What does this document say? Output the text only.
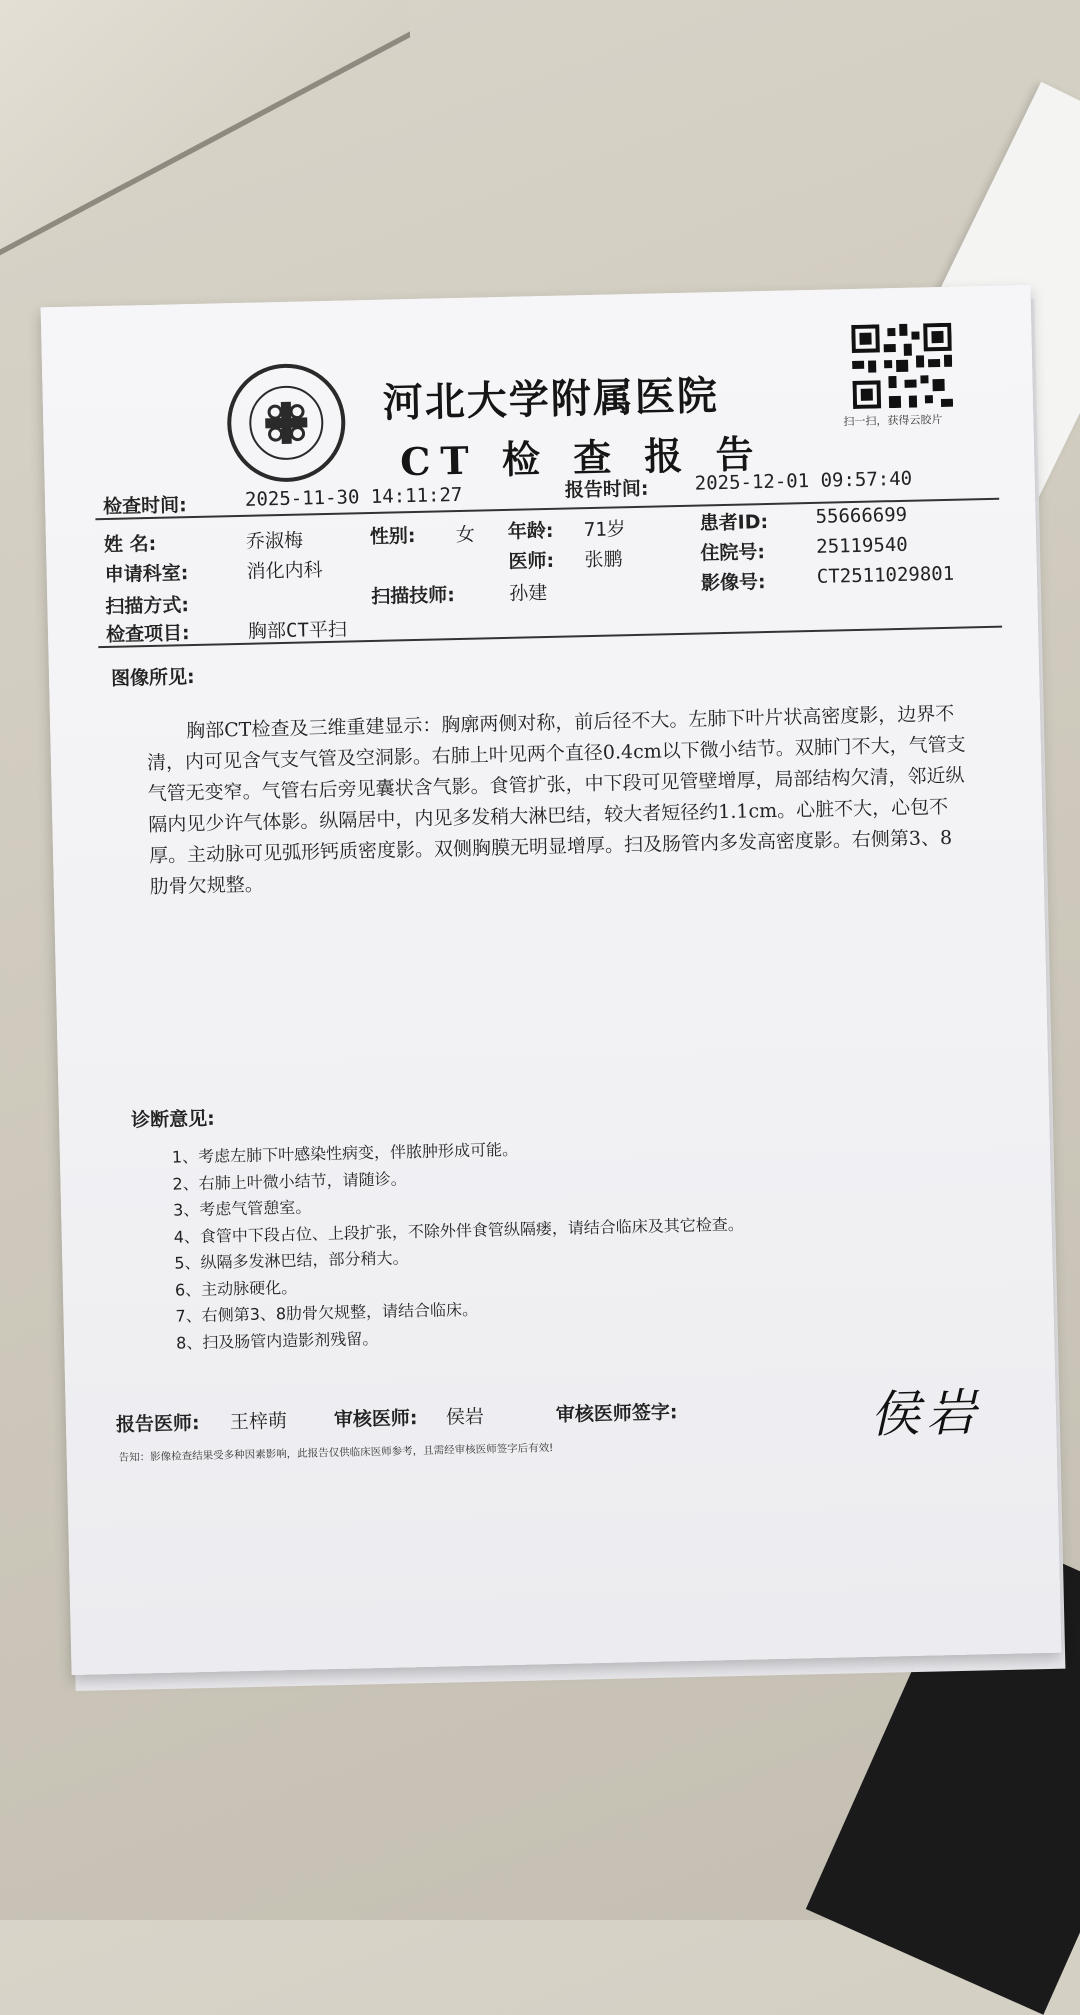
河北大学附属医院
CT 检 查 报 告
扫一扫，获得云胶片
检查时间:	2025-11-30 14:11:27	报告时间: 2025-12-01 09:57:40
姓 名:	乔淑梅	性别: 女 年龄: 71岁	患者ID: 55666699
申请科室:	消化内科	医师: 张鹏	住院号:	25119540
扫描方式:	扫描技师:	孙建	影像号:	CT2511029801
检查项目:	胸部CT平扫
图像所见:
胸部CT检查及三维重建显示：胸廓两侧对称，前后径不大。左肺下叶片状高密度影，边界不清，内可见含气支气管及空洞影。右肺上叶见两个直径0.4cm以下微小结节。双肺门不大，气管支气管无变窄。气管右后旁见囊状含气影。食管扩张，中下段可见管壁增厚，局部结构欠清，邻近纵隔内见少许气体影。纵隔居中，内见多发稍大淋巴结，较大者短径约1.1cm。心脏不大，心包不厚。主动脉可见弧形钙质密度影。双侧胸膜无明显增厚。扫及肠管内多发高密度影。右侧第3、8肋骨欠规整。
诊断意见:
1、考虑左肺下叶感染性病变，伴脓肿形成可能。
2、右肺上叶微小结节，请随诊。
3、考虑气管憩室。
4、食管中下段占位、上段扩张，不除外伴食管纵隔瘘，请结合临床及其它检查。
5、纵隔多发淋巴结，部分稍大。
6、主动脉硬化。
7、右侧第3、8肋骨欠规整，请结合临床。
8、扫及肠管内造影剂残留。
报告医师: 王梓萌 审核医师: 侯岩	审核医师签字:	侯岩
告知：影像检查结果受多种因素影响，此报告仅供临床医师参考，且需经审核医师签字后有效!
